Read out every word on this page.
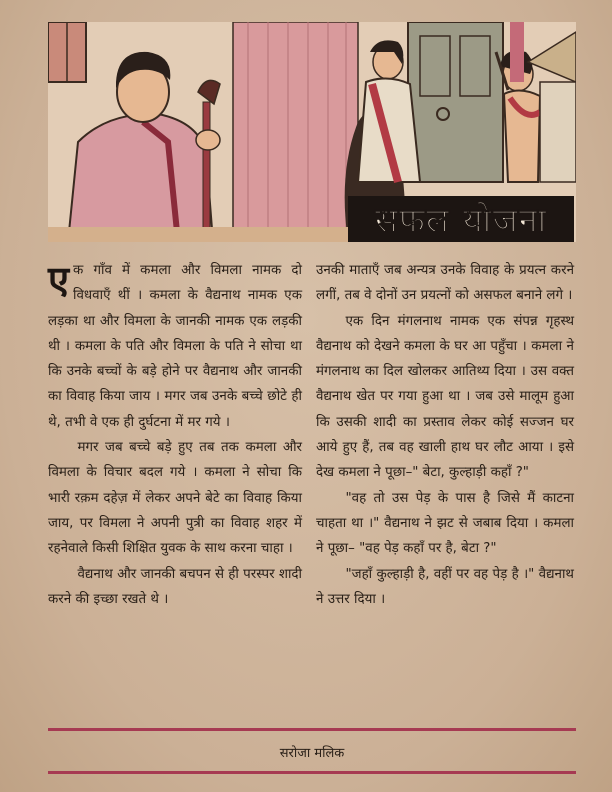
सफल योजना

एक गाँव में कमला और विमला नामक दो विधवाएँ थीं । कमला के वैद्यनाथ नामक एक लड़का था और विमला के जानकी नामक एक लड़की थी । कमला के पति और विमला के पति ने सोचा था कि उनके बच्चों के बड़े होने पर वैद्यनाथ और जानकी का विवाह किया जाय । मगर जब उनके बच्चे छोटे ही थे, तभी वे एक ही दुर्घटना में मर गये ।

मगर जब बच्चे बड़े हुए तब तक कमला और विमला के विचार बदल गये । कमला ने सोचा कि भारी रक़म दहेज़ में लेकर अपने बेटे का विवाह किया जाय, पर विमला ने अपनी पुत्री का विवाह शहर में रहनेवाले किसी शिक्षित युवक के साथ करना चाहा ।

वैद्यनाथ और जानकी बचपन से ही परस्पर शादी करने की इच्छा रखते थे ।

उनकी माताएँ जब अन्यत्र उनके विवाह के प्रयत्न करने लगीं, तब वे दोनों उन प्रयत्नों को असफल बनाने लगे ।

एक दिन मंगलनाथ नामक एक संपन्न गृहस्थ वैद्यनाथ को देखने कमला के घर आ पहुँचा । कमला ने मंगलनाथ का दिल खोलकर आतिथ्य दिया । उस वक्त वैद्यनाथ खेत पर गया हुआ था । जब उसे मालूम हुआ कि उसकी शादी का प्रस्ताव लेकर कोई सज्जन घर आये हुए हैं, तब वह खाली हाथ घर लौट आया । इसे देख कमला ने पूछा–" बेटा, कुल्हाड़ी कहाँ ?"

"वह तो उस पेड़ के पास है जिसे मैं काटना चाहता था ।" वैद्यनाथ ने झट से जबाब दिया । कमला ने पूछा– "वह पेड़ कहाँ पर है, बेटा ?"

"जहाँ कुल्हाड़ी है, वहीं पर वह पेड़ है ।" वैद्यनाथ ने उत्तर दिया ।

सरोजा मलिक
